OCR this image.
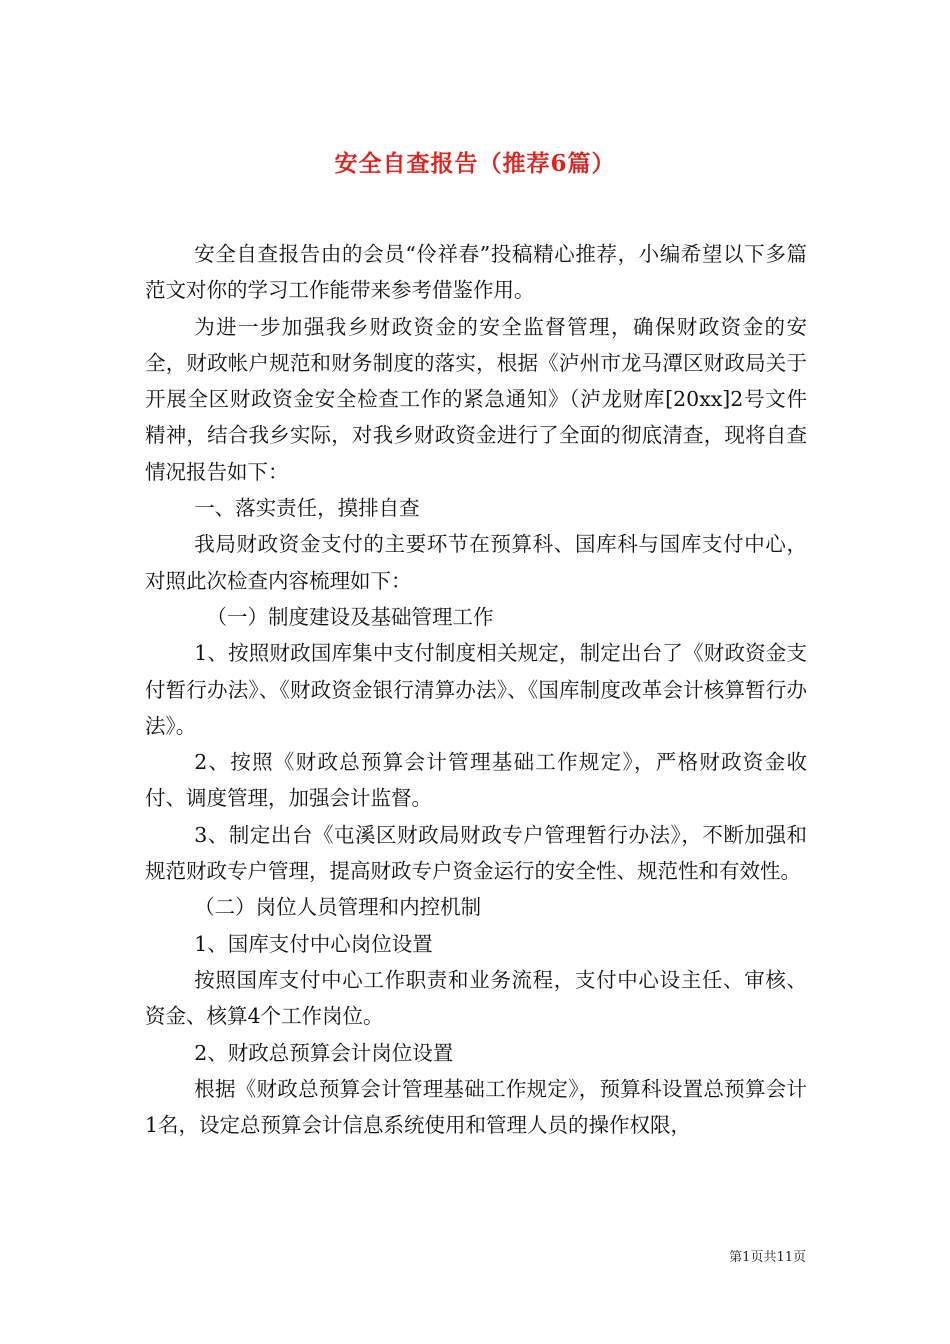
安全自查报告（推荐6篇）

安全自查报告由的会员“伶祥春”投稿精心推荐，小编希望以下多篇范文对你的学习工作能带来参考借鉴作用。

为进一步加强我乡财政资金的安全监督管理，确保财政资金的安全，财政帐户规范和财务制度的落实，根据《泸州市龙马潭区财政局关于开展全区财政资金安全检查工作的紧急通知》（泸龙财库[20xx]2号文件精神，结合我乡实际，对我乡财政资金进行了全面的彻底清查，现将自查情况报告如下：

一、落实责任，摸排自查

我局财政资金支付的主要环节在预算科、国库科与国库支付中心，对照此次检查内容梳理如下：

（一）制度建设及基础管理工作

1、按照财政国库集中支付制度相关规定，制定出台了《财政资金支付暂行办法》、《财政资金银行清算办法》、《国库制度改革会计核算暂行办法》。

2、按照《财政总预算会计管理基础工作规定》，严格财政资金收付、调度管理，加强会计监督。

3、制定出台《屯溪区财政局财政专户管理暂行办法》，不断加强和规范财政专户管理，提高财政专户资金运行的安全性、规范性和有效性。

（二）岗位人员管理和内控机制

1、国库支付中心岗位设置

按照国库支付中心工作职责和业务流程，支付中心设主任、审核、资金、核算4个工作岗位。

2、财政总预算会计岗位设置

根据《财政总预算会计管理基础工作规定》，预算科设置总预算会计1名，设定总预算会计信息系统使用和管理人员的操作权限，

第1页共11页
